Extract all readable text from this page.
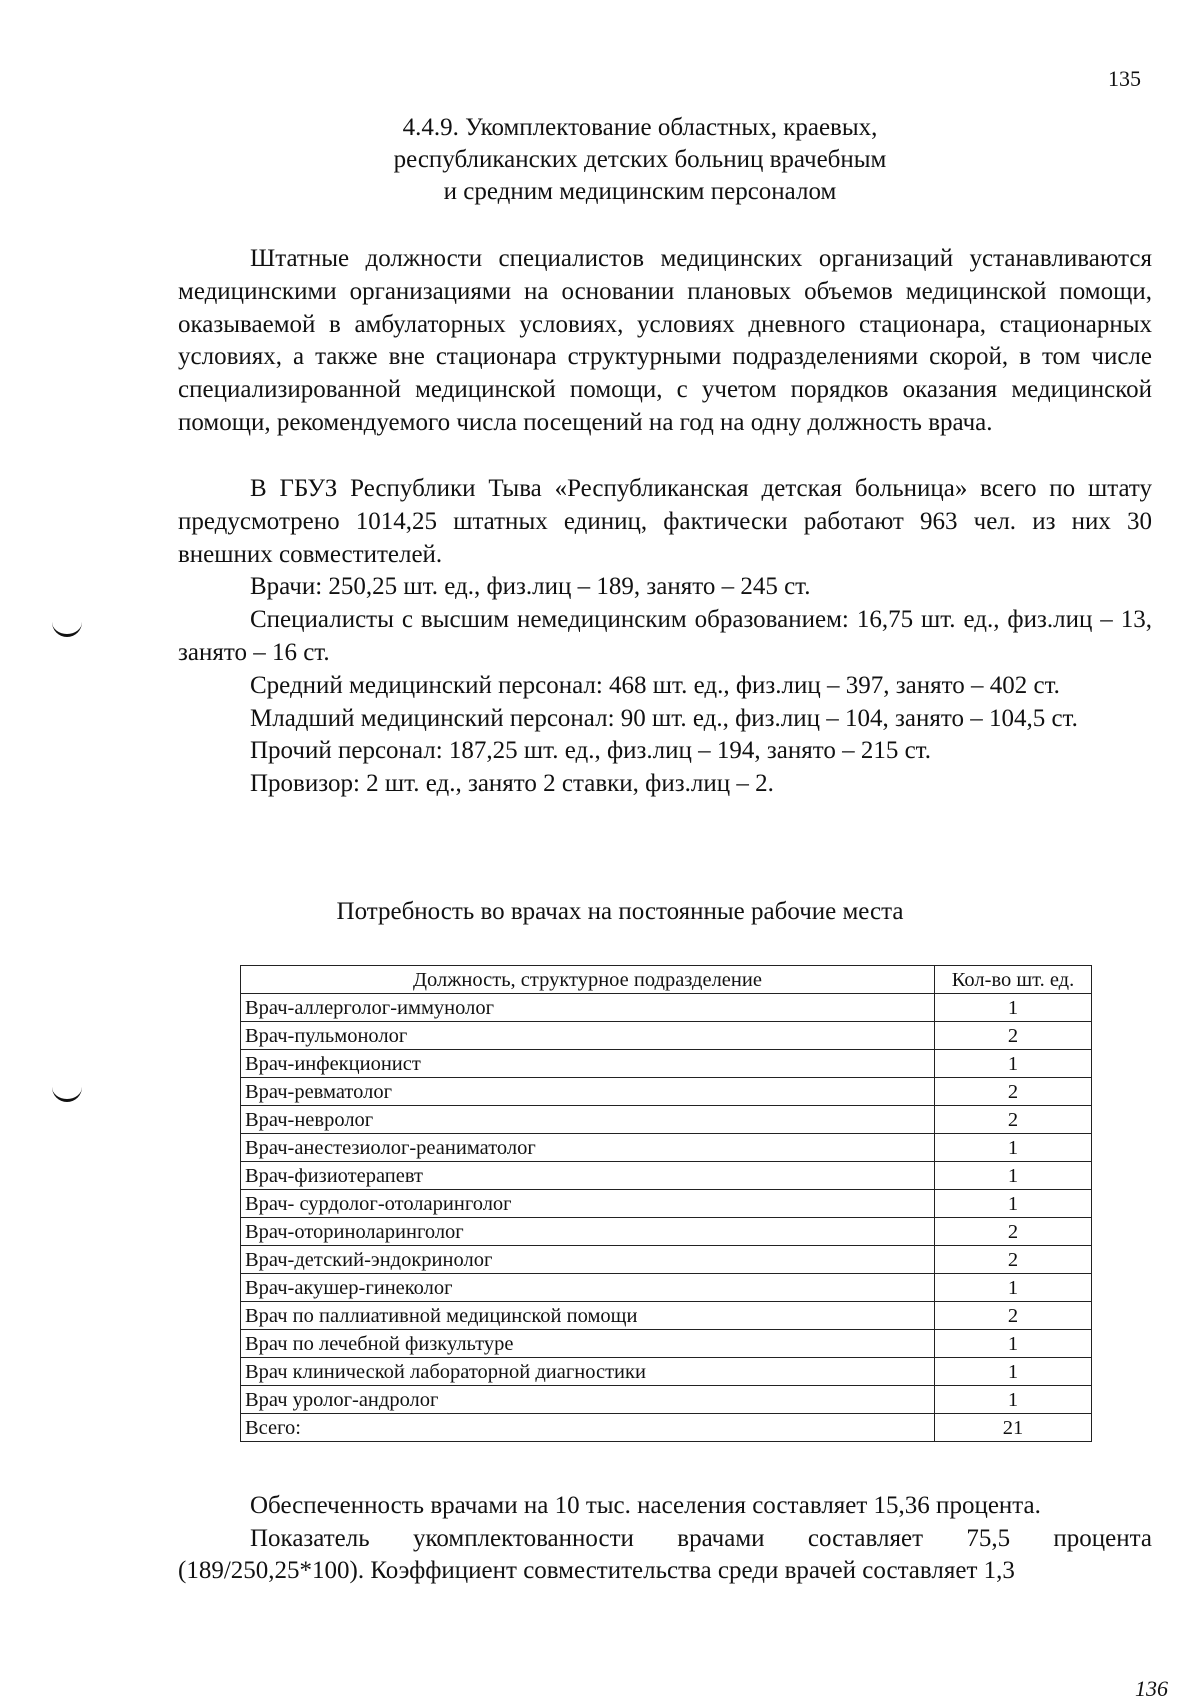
135
4.4.9. Укомплектование областных, краевых,
республиканских детских больниц врачебным
и средним медицинским персоналом

Штатные должности специалистов медицинских организаций устанавливаются медицинскими организациями на основании плановых объемов медицинской помощи, оказываемой в амбулаторных условиях, условиях дневного стационара, стационарных условиях, а также вне стационара структурными подразделениями скорой, в том числе специализированной медицинской помощи, с учетом порядков оказания медицинской помощи, рекомендуемого числа посещений на год на одну должность врача.

В ГБУЗ Республики Тыва «Республиканская детская больница» всего по штату предусмотрено 1014,25 штатных единиц, фактически работают 963 чел. из них 30 внешних совместителей.

Врачи: 250,25 шт. ед., физ.лиц – 189, занято – 245 ст.

Специалисты с высшим немедицинским образованием: 16,75 шт. ед., физ.лиц – 13, занято – 16 ст.

Средний медицинский персонал: 468 шт. ед., физ.лиц – 397, занято – 402 ст.

Младший медицинский персонал: 90 шт. ед., физ.лиц – 104, занято – 104,5 ст.

Прочий персонал: 187,25 шт. ед., физ.лиц – 194, занято – 215 ст.

Провизор: 2 шт. ед., занято 2 ставки, физ.лиц – 2.

Потребность во врачах на постоянные рабочие места
Должность, структурное подразделение	Кол-во шт. ед.
Врач-аллерголог-иммунолог	1
Врач-пульмонолог	2
Врач-инфекционист	1
Врач-ревматолог	2
Врач-невролог	2
Врач-анестезиолог-реаниматолог	1
Врач-физиотерапевт	1
Врач- сурдолог-отоларинголог	1
Врач-оториноларинголог	2
Врач-детский-эндокринолог	2
Врач-акушер-гинеколог	1
Врач по паллиативной медицинской помощи	2
Врач по лечебной физкультуре	1
Врач клинической лабораторной диагностики	1
Врач уролог-андролог	1
Всего:	21

Обеспеченность врачами на 10 тыс. населения составляет 15,36 процента.

Показатель укомплектованности врачами составляет 75,5 процента (189/250,25*100). Коэффициент совместительства среди врачей составляет 1,3

136
